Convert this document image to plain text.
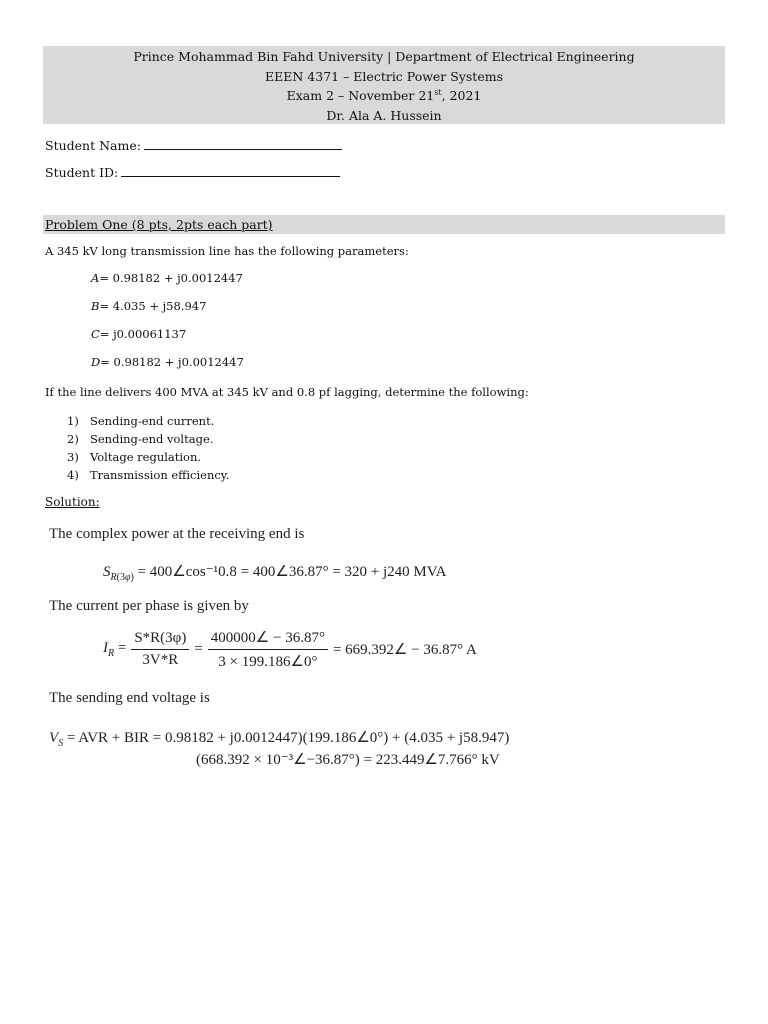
Prince Mohammad Bin Fahd University | Department of Electrical Engineering
EEEN 4371 – Electric Power Systems
Exam 2 – November 21st, 2021
Dr. Ala A. Hussein
Student Name:
Student ID:
Problem One (8 pts, 2pts each part)
A 345 kV long transmission line has the following parameters:
A= 0.98182 + j0.0012447
B= 4.035 + j58.947
C= j0.00061137
D= 0.98182 + j0.0012447
If the line delivers 400 MVA at 345 kV and 0.8 pf lagging, determine the following:
1) Sending-end current.
2) Sending-end voltage.
3) Voltage regulation.
4) Transmission efficiency.
Solution:
The complex power at the receiving end is
$S_{R(3\varphi)}$ = 400∠cos⁻¹0.8 = 400∠36.87° = 320 + j240 MVA
The current per phase is given by
$I_R = \frac{S*R(3\varphi)}{3V*R} = \frac{400000\angle - 36.87^\circ}{3 \times 199.186\angle 0^\circ}$ = 669.392∠ − 36.87° A
The sending end voltage is
$V_S$ = AVR + BIR = 0.98182 + j0.0012447)(199.186∠0°) + (4.035 + j58.947)
(668.392 × 10⁻³∠−36.87°) = 223.449∠7.766° kV
